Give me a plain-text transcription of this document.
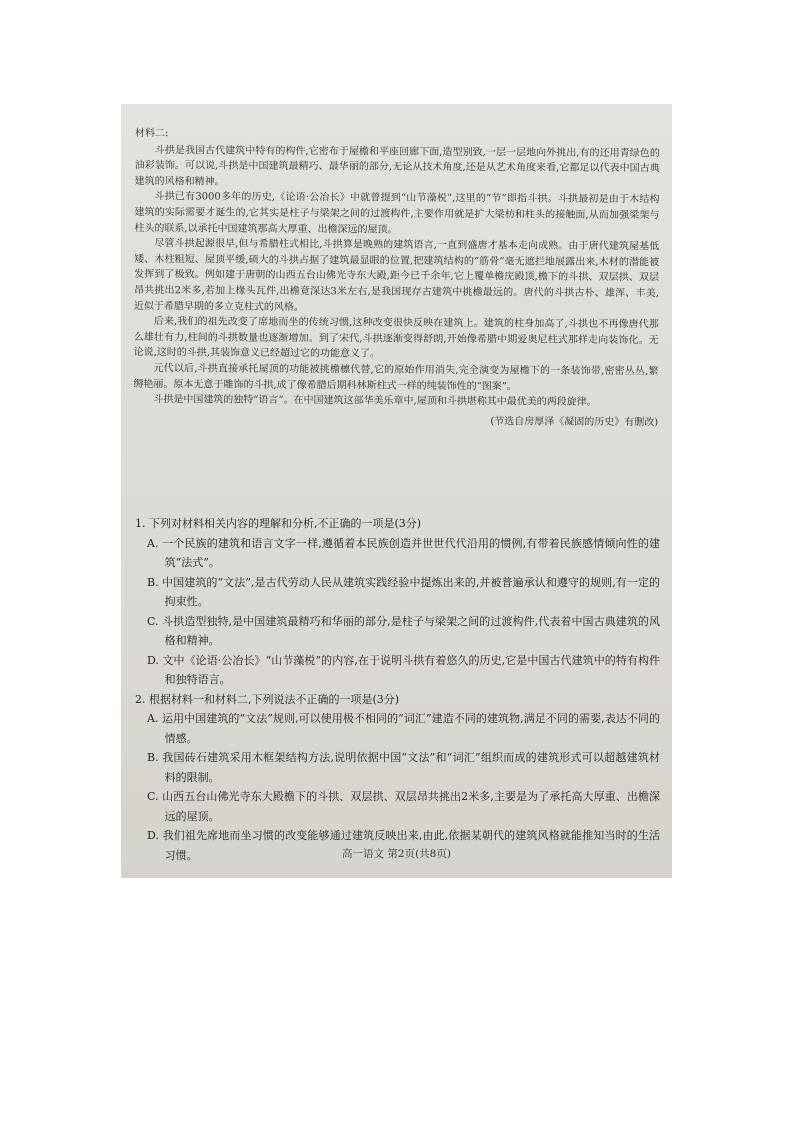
材料二:

斗拱是我国古代建筑中特有的构件,它密布于屋檐和平座回廊下面,造型别致,一层一层地向外挑出,有的还用青绿色的油彩装饰。可以说,斗拱是中国建筑最精巧、最华丽的部分,无论从技术角度,还是从艺术角度来看,它都足以代表中国古典建筑的风格和精神。

斗拱已有3000多年的历史,《论语·公冶长》中就曾提到“山节藻棁”,这里的“节”即指斗拱。斗拱最初是由于木结构建筑的实际需要才诞生的,它其实是柱子与梁架之间的过渡构件,主要作用就是扩大梁枋和柱头的接触面,从而加强梁架与柱头的联系,以承托中国建筑那高大厚重、出檐深远的屋顶。

尽管斗拱起源很早,但与希腊柱式相比,斗拱算是晚熟的建筑语言,一直到盛唐才基本走向成熟。由于唐代建筑屋基低矮、木柱粗短、屋顶平缓,硕大的斗拱占据了建筑最显眼的位置,把建筑结构的“筋骨”毫无遮拦地展露出来,木材的潜能被发挥到了极致。例如建于唐朝的山西五台山佛光寺东大殿,距今已千余年,它上覆单檐庑殿顶,檐下的斗拱、双层拱、双层昂共挑出2米多,若加上椽头瓦件,出檐竟深达3米左右,是我国现存古建筑中挑檐最远的。唐代的斗拱古朴、雄浑、丰美,近似于希腊早期的多立克柱式的风格。

后来,我们的祖先改变了席地而坐的传统习惯,这种改变很快反映在建筑上。建筑的柱身加高了,斗拱也不再像唐代那么雄壮有力,柱间的斗拱数量也逐渐增加。到了宋代,斗拱逐渐变得舒朗,开始像希腊中期爱奥尼柱式那样走向装饰化。无论说,这时的斗拱,其装饰意义已经超过它的功能意义了。

元代以后,斗拱直接承托屋顶的功能被挑檐檩代替,它的原始作用消失,完全演变为屋檐下的一条装饰带,密密丛丛,繁缛艳丽。原本无意于雕饰的斗拱,成了像希腊后期科林斯柱式一样的纯装饰性的“图案”。

斗拱是中国建筑的独特“语言”。在中国建筑这部华美乐章中,屋顶和斗拱堪称其中最优美的两段旋律。

(节选自房厚泽《凝固的历史》有删改)

1. 下列对材料相关内容的理解和分析,不正确的一项是(3分)

A. 一个民族的建筑和语言文字一样,遵循着本民族创造并世世代代沿用的惯例,有带着民族感情倾向性的建筑“法式”。

B. 中国建筑的“文法”,是古代劳动人民从建筑实践经验中提炼出来的,并被普遍承认和遵守的规则,有一定的拘束性。

C. 斗拱造型独特,是中国建筑最精巧和华丽的部分,是柱子与梁架之间的过渡构件,代表着中国古典建筑的风格和精神。

D. 文中《论语·公冶长》“山节藻棁”的内容,在于说明斗拱有着悠久的历史,它是中国古代建筑中的特有构件和独特语言。

2. 根据材料一和材料二,下列说法不正确的一项是(3分)

A. 运用中国建筑的“文法”规则,可以使用极不相同的“词汇”建造不同的建筑物,满足不同的需要,表达不同的情感。

B. 我国砖石建筑采用木框架结构方法,说明依据中国“文法”和“词汇”组织而成的建筑形式可以超越建筑材料的限制。

C. 山西五台山佛光寺东大殿檐下的斗拱、双层拱、双层昂共挑出2米多,主要是为了承托高大厚重、出檐深远的屋顶。

D. 我们祖先席地而坐习惯的改变能够通过建筑反映出来,由此,依据某朝代的建筑风格就能推知当时的生活习惯。	高一语文 第2页(共8页)
